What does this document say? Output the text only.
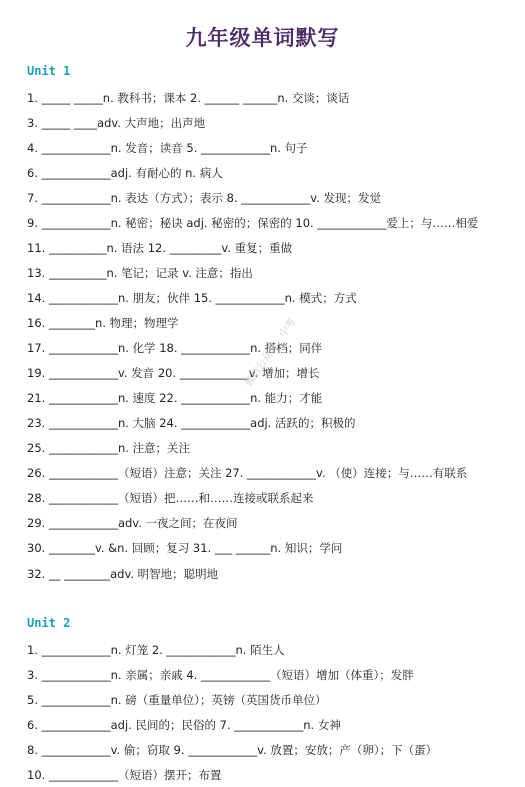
九年级单词默写
Unit 1
1. _____ _____n. 教科书；课本 2. ______ ______n. 交谈；谈话
3. _____ ____adv. 大声地；出声地
4. ____________n. 发音；读音 5. ____________n. 句子
6. ____________adj. 有耐心的 n. 病人
7. ____________n. 表达（方式）；表示 8. ____________v. 发现；发觉
9. ____________n. 秘密；秘诀 adj. 秘密的；保密的 10. ____________爱上；与……相爱
11. __________n. 语法 12. _________v. 重复；重做
13. __________n. 笔记；记录 v. 注意；指出
14. ____________n. 朋友；伙伴 15. ____________n. 模式；方式
16. ________n. 物理；物理学
17. ____________n. 化学 18. ____________n. 搭档；同伴
19. ____________v. 发音 20. ____________v. 增加；增长
21. ____________n. 速度 22. ____________n. 能力；才能
23. ____________n. 大脑 24. ____________adj. 活跃的；积极的
25. ____________n. 注意；关注
26. ____________（短语）注意；关注 27. ____________v. （使）连接；与……有联系
28. ____________（短语）把……和……连接或联系起来
29. ____________adv. 一夜之间；在夜间
30. ________v. &n. 回顾；复习 31. ___ ______n. 知识；学问
32. __ ________adv. 明智地；聪明地
Unit 2
1. ____________n. 灯笼 2. ____________n. 陌生人
3. ____________n. 亲属；亲戚 4. ____________（短语）增加（体重）；发胖
5. ____________n. 磅（重量单位）；英镑（英国货币单位）
6. ____________adj. 民间的；民俗的 7. ____________n. 女神
8. ____________v. 偷；窃取 9. ____________v. 放置；安放；产（卵）；下（蛋）
10. ____________（短语）摆开；布置
微信公众号：中考
